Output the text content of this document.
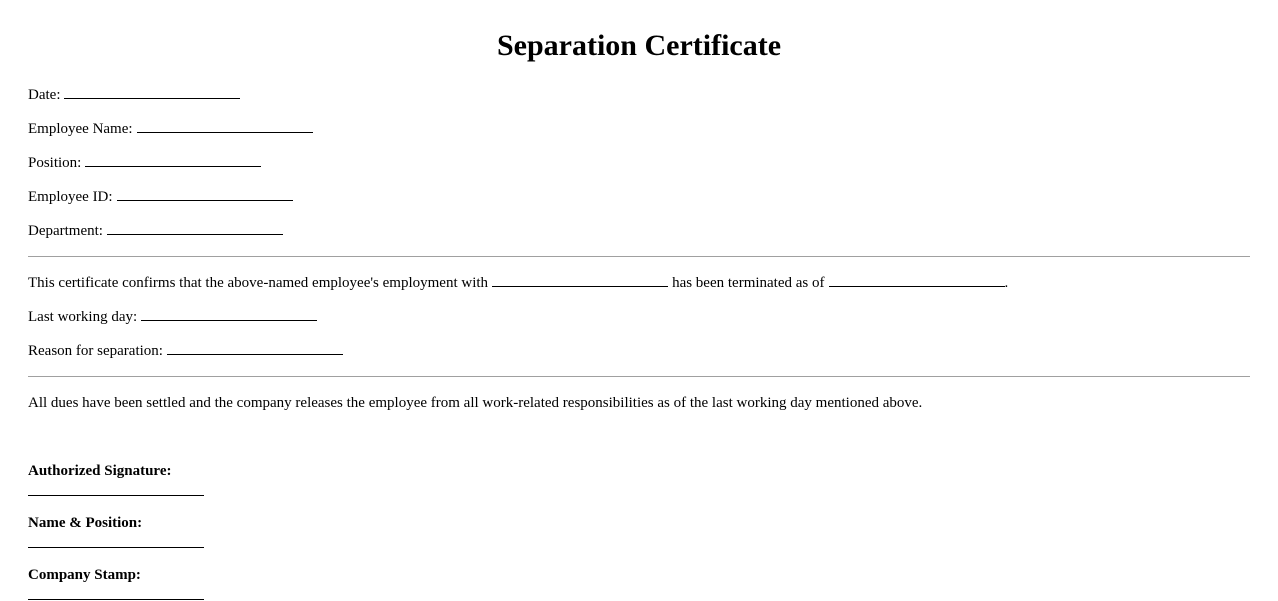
Separation Certificate
Date:
Employee Name:
Position:
Employee ID:
Department:
This certificate confirms that the above-named employee's employment with	has been terminated as of	.
Last working day:
Reason for separation:
All dues have been settled and the company releases the employee from all work-related responsibilities as of the last working day mentioned above.
Authorized Signature:
Name & Position:
Company Stamp:
